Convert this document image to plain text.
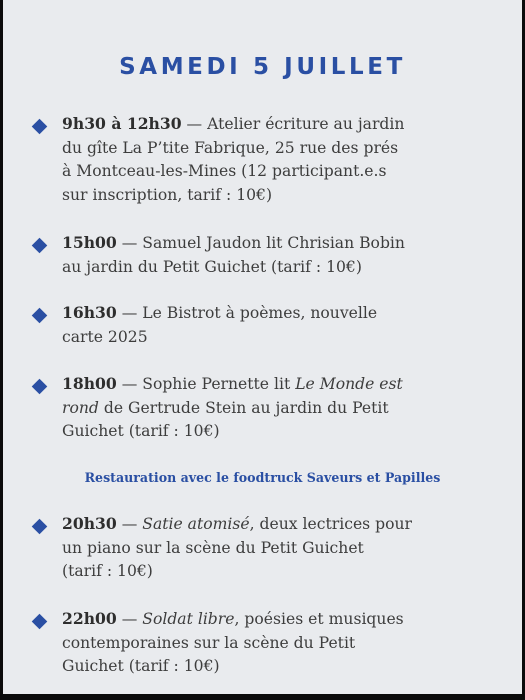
SAMEDI 5 JUILLET

9h30 à 12h30 — Atelier écriture au jardin
du gîte La P’tite Fabrique, 25 rue des prés
à Montceau-les-Mines (12 participant.e.s
sur inscription, tarif : 10€)

15h00 — Samuel Jaudon lit Chrisian Bobin
au jardin du Petit Guichet (tarif : 10€)

16h30 — Le Bistrot à poèmes, nouvelle
carte 2025

18h00 — Sophie Pernette lit Le Monde est
rond de Gertrude Stein au jardin du Petit
Guichet (tarif : 10€)

Restauration avec le foodtruck Saveurs et Papilles

20h30 — Satie atomisé, deux lectrices pour
un piano sur la scène du Petit Guichet
(tarif : 10€)

22h00 — Soldat libre, poésies et musiques
contemporaines sur la scène du Petit
Guichet (tarif : 10€)
